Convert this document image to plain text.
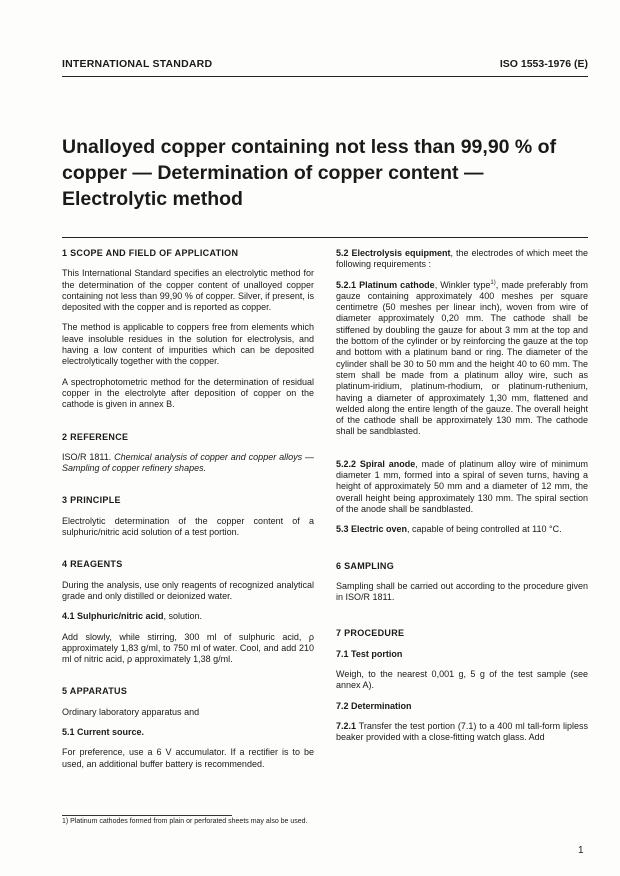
INTERNATIONAL STANDARD	ISO 1553-1976 (E)
Unalloyed copper containing not less than 99,90 % of copper — Determination of copper content — Electrolytic method
1 SCOPE AND FIELD OF APPLICATION

This International Standard specifies an electrolytic method for the determination of the copper content of unalloyed copper containing not less than 99,90 % of copper. Silver, if present, is deposited with the copper and is reported as copper.

The method is applicable to coppers free from elements which leave insoluble residues in the solution for electrolysis, and having a low content of impurities which can be deposited electrolytically together with the copper.

A spectrophotometric method for the determination of residual copper in the electrolyte after deposition of copper on the cathode is given in annex B.

2 REFERENCE

ISO/R 1811. Chemical analysis of copper and copper alloys — Sampling of copper refinery shapes.

3 PRINCIPLE

Electrolytic determination of the copper content of a sulphuric/nitric acid solution of a test portion.

4 REAGENTS

During the analysis, use only reagents of recognized analytical grade and only distilled or deionized water.

4.1 Sulphuric/nitric acid, solution.

Add slowly, while stirring, 300 ml of sulphuric acid, ρ approximately 1,83 g/ml, to 750 ml of water. Cool, and add 210 ml of nitric acid, ρ approximately 1,38 g/ml.

5 APPARATUS

Ordinary laboratory apparatus and

5.1 Current source.

For preference, use a 6 V accumulator. If a rectifier is to be used, an additional buffer battery is recommended.

5.2 Electrolysis equipment, the electrodes of which meet the following requirements :

5.2.1 Platinum cathode, Winkler type$^{1)}$, made preferably from gauze containing approximately 400 meshes per square centimetre (50 meshes per linear inch), woven from wire of diameter approximately 0,20 mm. The cathode shall be stiffened by doubling the gauze for about 3 mm at the top and the bottom of the cylinder or by reinforcing the gauze at the top and bottom with a platinum band or ring. The diameter of the cylinder shall be 30 to 50 mm and the height 40 to 60 mm. The stem shall be made from a platinum alloy wire, such as platinum-iridium, platinum-rhodium, or platinum-ruthenium, having a diameter of approximately 1,30 mm, flattened and welded along the entire length of the gauze. The overall height of the cathode shall be approximately 130 mm. The cathode shall be sandblasted.

5.2.2 Spiral anode, made of platinum alloy wire of minimum diameter 1 mm, formed into a spiral of seven turns, having a height of approximately 50 mm and a diameter of 12 mm, the overall height being approximately 130 mm. The spiral section of the anode shall be sandblasted.

5.3 Electric oven, capable of being controlled at 110 °C.

6 SAMPLING

Sampling shall be carried out according to the procedure given in ISO/R 1811.

7 PROCEDURE
7.1 Test portion

Weigh, to the nearest 0,001 g, 5 g of the test sample (see annex A).

7.2 Determination

7.2.1 Transfer the test portion (7.1) to a 400 ml tall-form lipless beaker provided with a close-fitting watch glass. Add

1) Platinum cathodes formed from plain or perforated sheets may also be used.
1
